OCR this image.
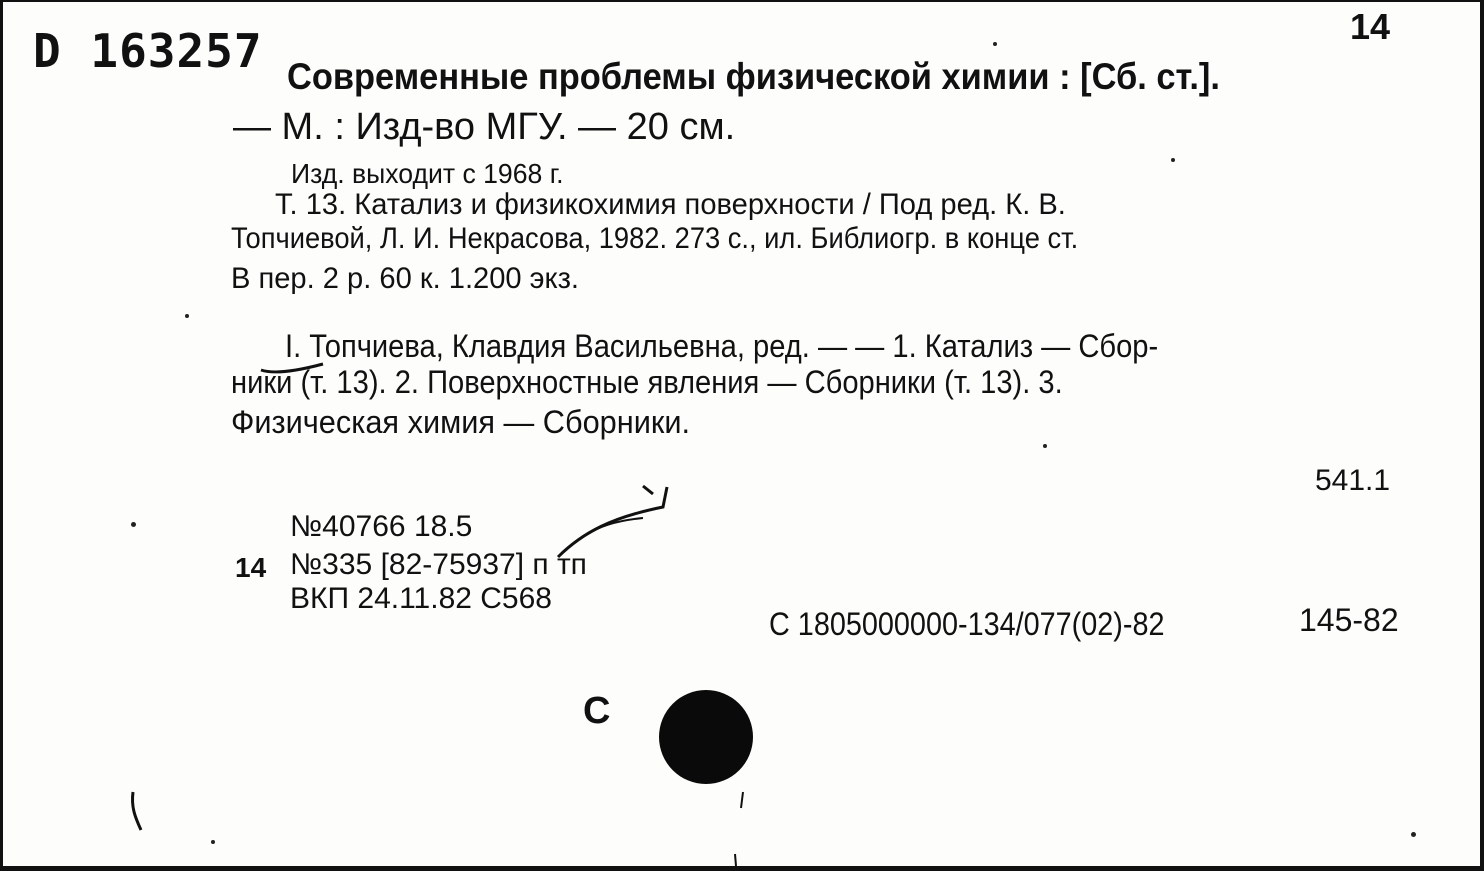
D 163257	14
Современные проблемы физической химии : [Сб. ст.].
— М. : Изд-во МГУ. — 20 см.
Изд. выходит с 1968 г.
Т. 13. Катализ и физикохимия поверхности / Под ред. К. В.
Топчиевой, Л. И. Некрасова, 1982. 273 с., ил. Библиогр. в конце ст.
В пер. 2 р. 60 к. 1.200 экз.
I. Топчиева, Клавдия Васильевна, ред. — — 1. Катализ — Сбор-
ники (т. 13). 2. Поверхностные явления — Сборники (т. 13). 3.
Физическая химия — Сборники.
541.1
№40766 18.5
14 №335 [82-75937] п тп
ВКП 24.11.82 С568
С 1805000000-134/077(02)-82	145-82
С
